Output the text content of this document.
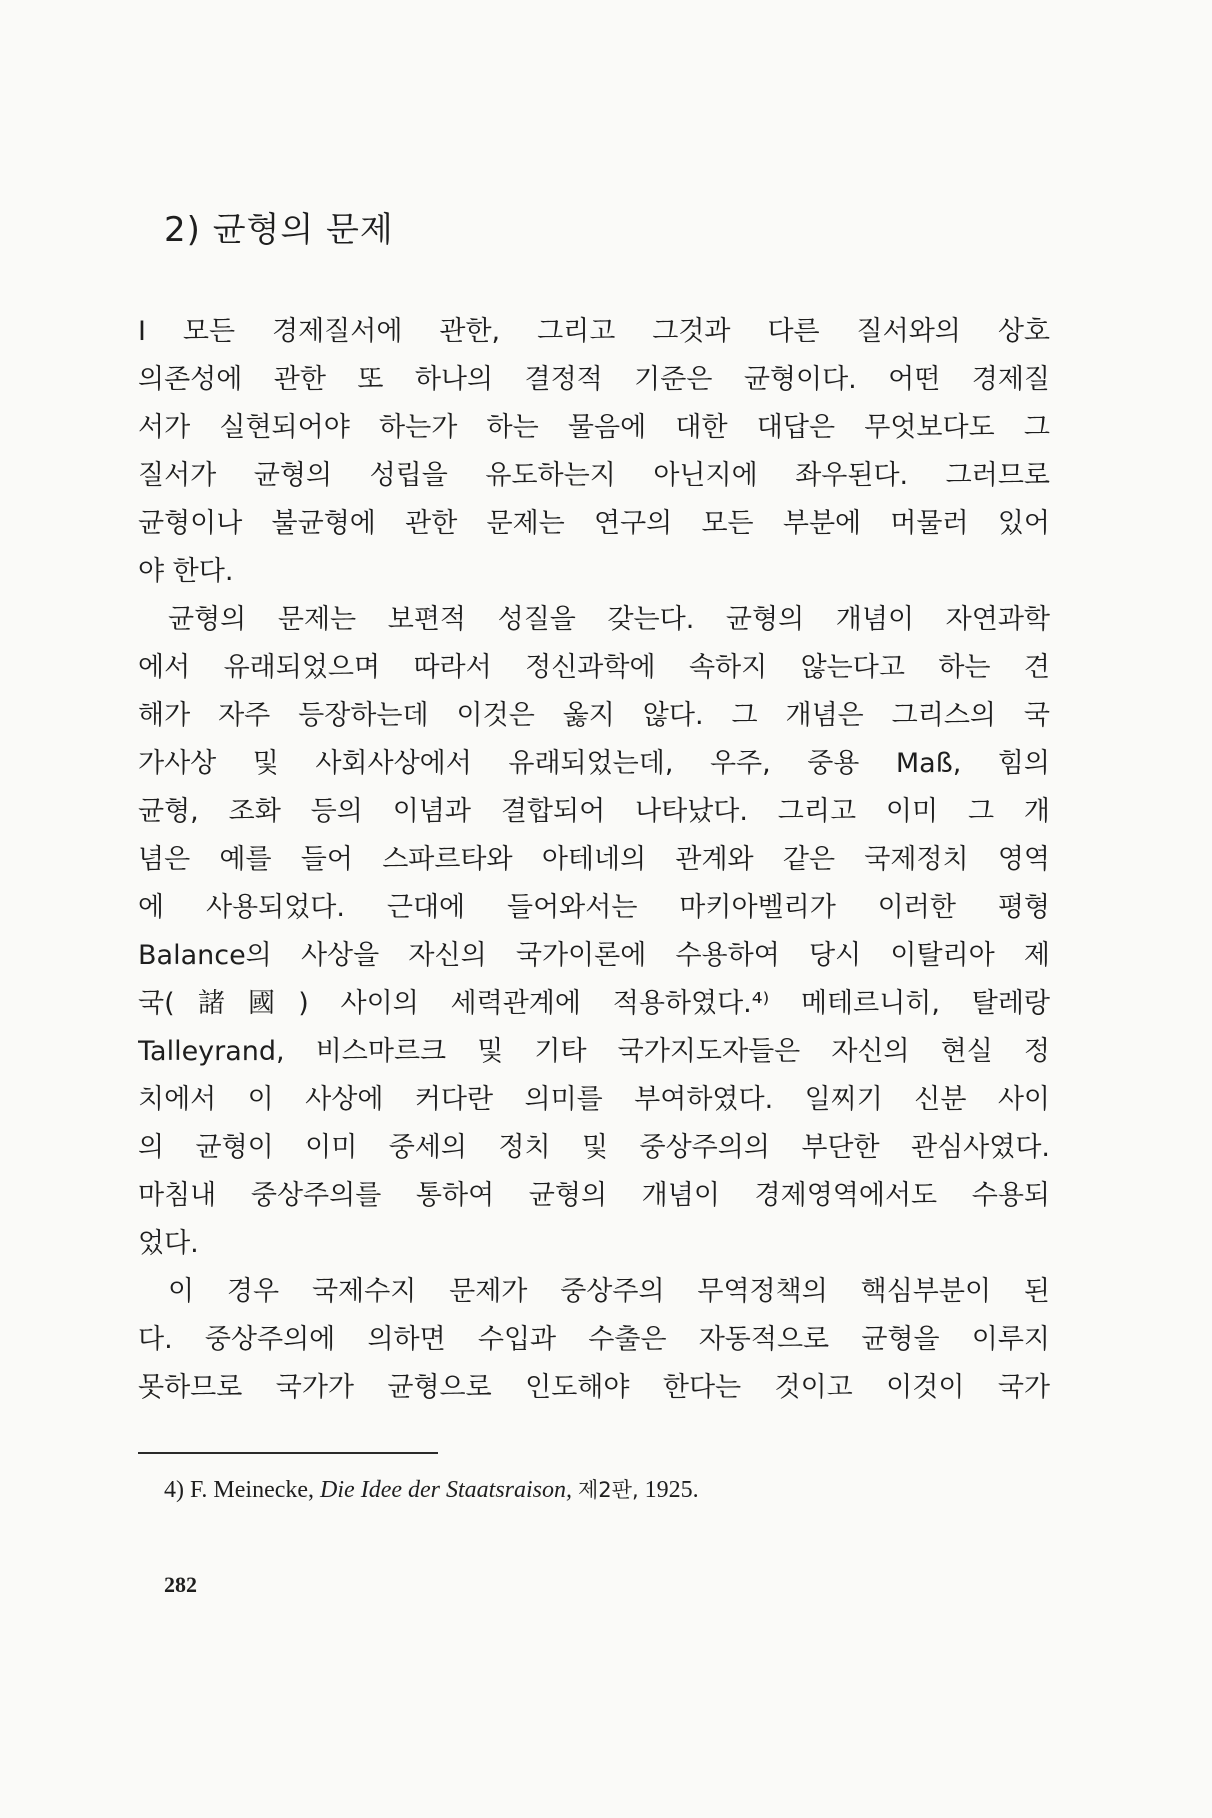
2) 균형의 문제
I 모든 경제질서에 관한, 그리고 그것과 다른 질서와의 상호
의존성에 관한 또 하나의 결정적 기준은 균형이다. 어떤 경제질
서가 실현되어야 하는가 하는 물음에 대한 대답은 무엇보다도 그
질서가 균형의 성립을 유도하는지 아닌지에 좌우된다. 그러므로
균형이나 불균형에 관한 문제는 연구의 모든 부분에 머물러 있어
야 한다.
균형의 문제는 보편적 성질을 갖는다. 균형의 개념이 자연과학
에서 유래되었으며 따라서 정신과학에 속하지 않는다고 하는 견
해가 자주 등장하는데 이것은 옳지 않다. 그 개념은 그리스의 국
가사상 및 사회사상에서 유래되었는데, 우주, 중용 Maß, 힘의
균형, 조화 등의 이념과 결합되어 나타났다. 그리고 이미 그 개
념은 예를 들어 스파르타와 아테네의 관계와 같은 국제정치 영역
에 사용되었다. 근대에 들어와서는 마키아벨리가 이러한 평형
Balance의 사상을 자신의 국가이론에 수용하여 당시 이탈리아 제
국(諸國) 사이의 세력관계에 적용하였다.⁴⁾ 메테르니히, 탈레랑
Talleyrand, 비스마르크 및 기타 국가지도자들은 자신의 현실 정
치에서 이 사상에 커다란 의미를 부여하였다. 일찌기 신분 사이
의 균형이 이미 중세의 정치 및 중상주의의 부단한 관심사였다.
마침내 중상주의를 통하여 균형의 개념이 경제영역에서도 수용되
었다.
이 경우 국제수지 문제가 중상주의 무역정책의 핵심부분이 된
다. 중상주의에 의하면 수입과 수출은 자동적으로 균형을 이루지
못하므로 국가가 균형으로 인도해야 한다는 것이고 이것이 국가
4) F. Meinecke, Die Idee der Staatsraison, 제2판, 1925.
282
